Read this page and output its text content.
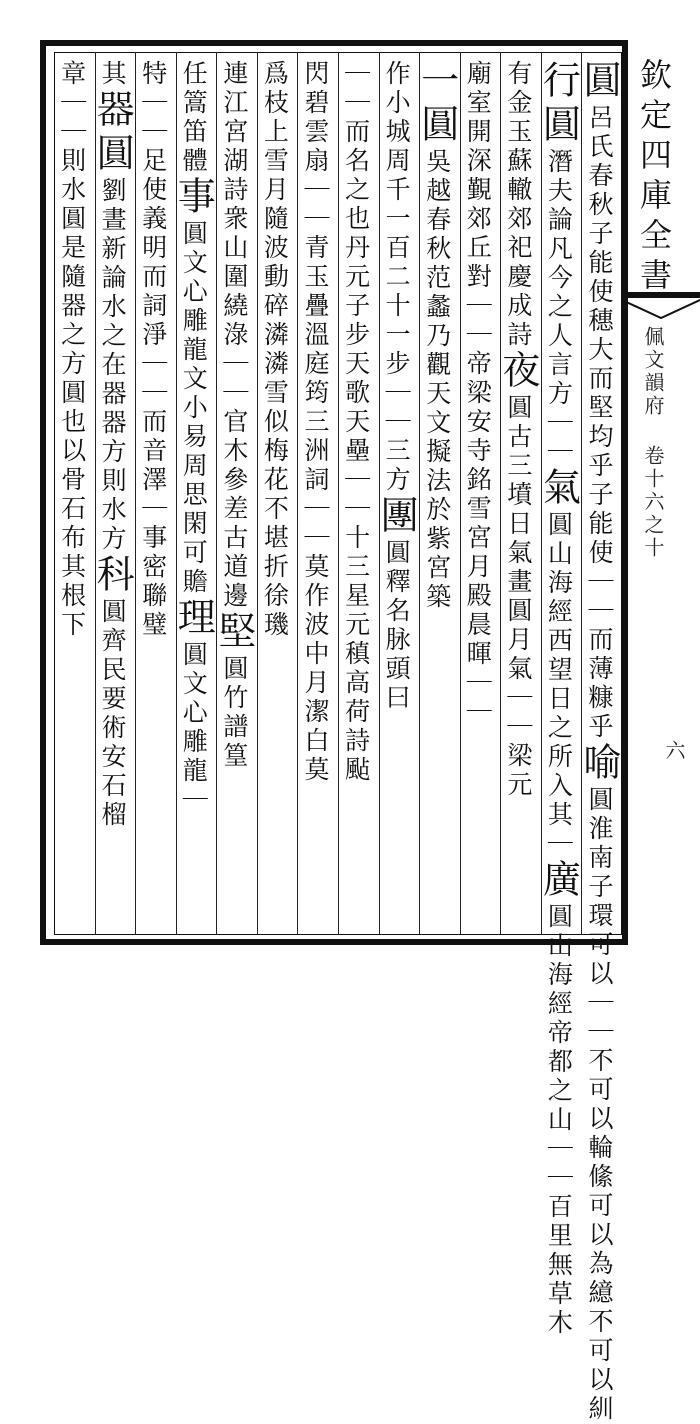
欽定四庫全書
佩文韻府 卷十六之十
六
圓呂氏春秋子能使穗大而堅均乎子能使｜｜而薄糠乎喻圓淮南子環可以｜｜不可以輪絛可以為繶不可以紃
行圓潛夫論凡今之人言方｜｜氣圓山海經西望日之所入其｜廣圓山海經帝都之山｜｜百里無草木
有金玉蘇轍郊祀慶成詩夜圓古三墳日氣畫圓月氣｜｜梁元
廟室開深覲郊丘對｜｜帝梁安寺銘雪宮月殿晨暉｜｜
一圓吳越春秋范蠡乃觀天文擬法於紫宮築
作小城周千一百二十一步｜｜三方團圓釋名脉頭曰
｜｜而名之也丹元子步天歌天壘｜｜十三星元稹高荷詩颭
閃碧雲扇｜｜青玉疊溫庭筠三洲詞｜｜莫作波中月潔白莫
爲枝上雪月隨波動碎潾潾雪似梅花不堪折徐璣
連江宮湖詩衆山圍繞淥｜｜官木參差古道邊堅圓竹譜篁
任篙笛體事圓文心雕龍文小易周思閑可贍理圓文心雕龍｜
特｜｜足使義明而詞淨｜｜而音澤｜事密聯璧
其器圓劉晝新論水之在器器方則水方科圓齊民要術安石榴
章｜｜則水圓是隨器之方圓也以骨石布其根下
